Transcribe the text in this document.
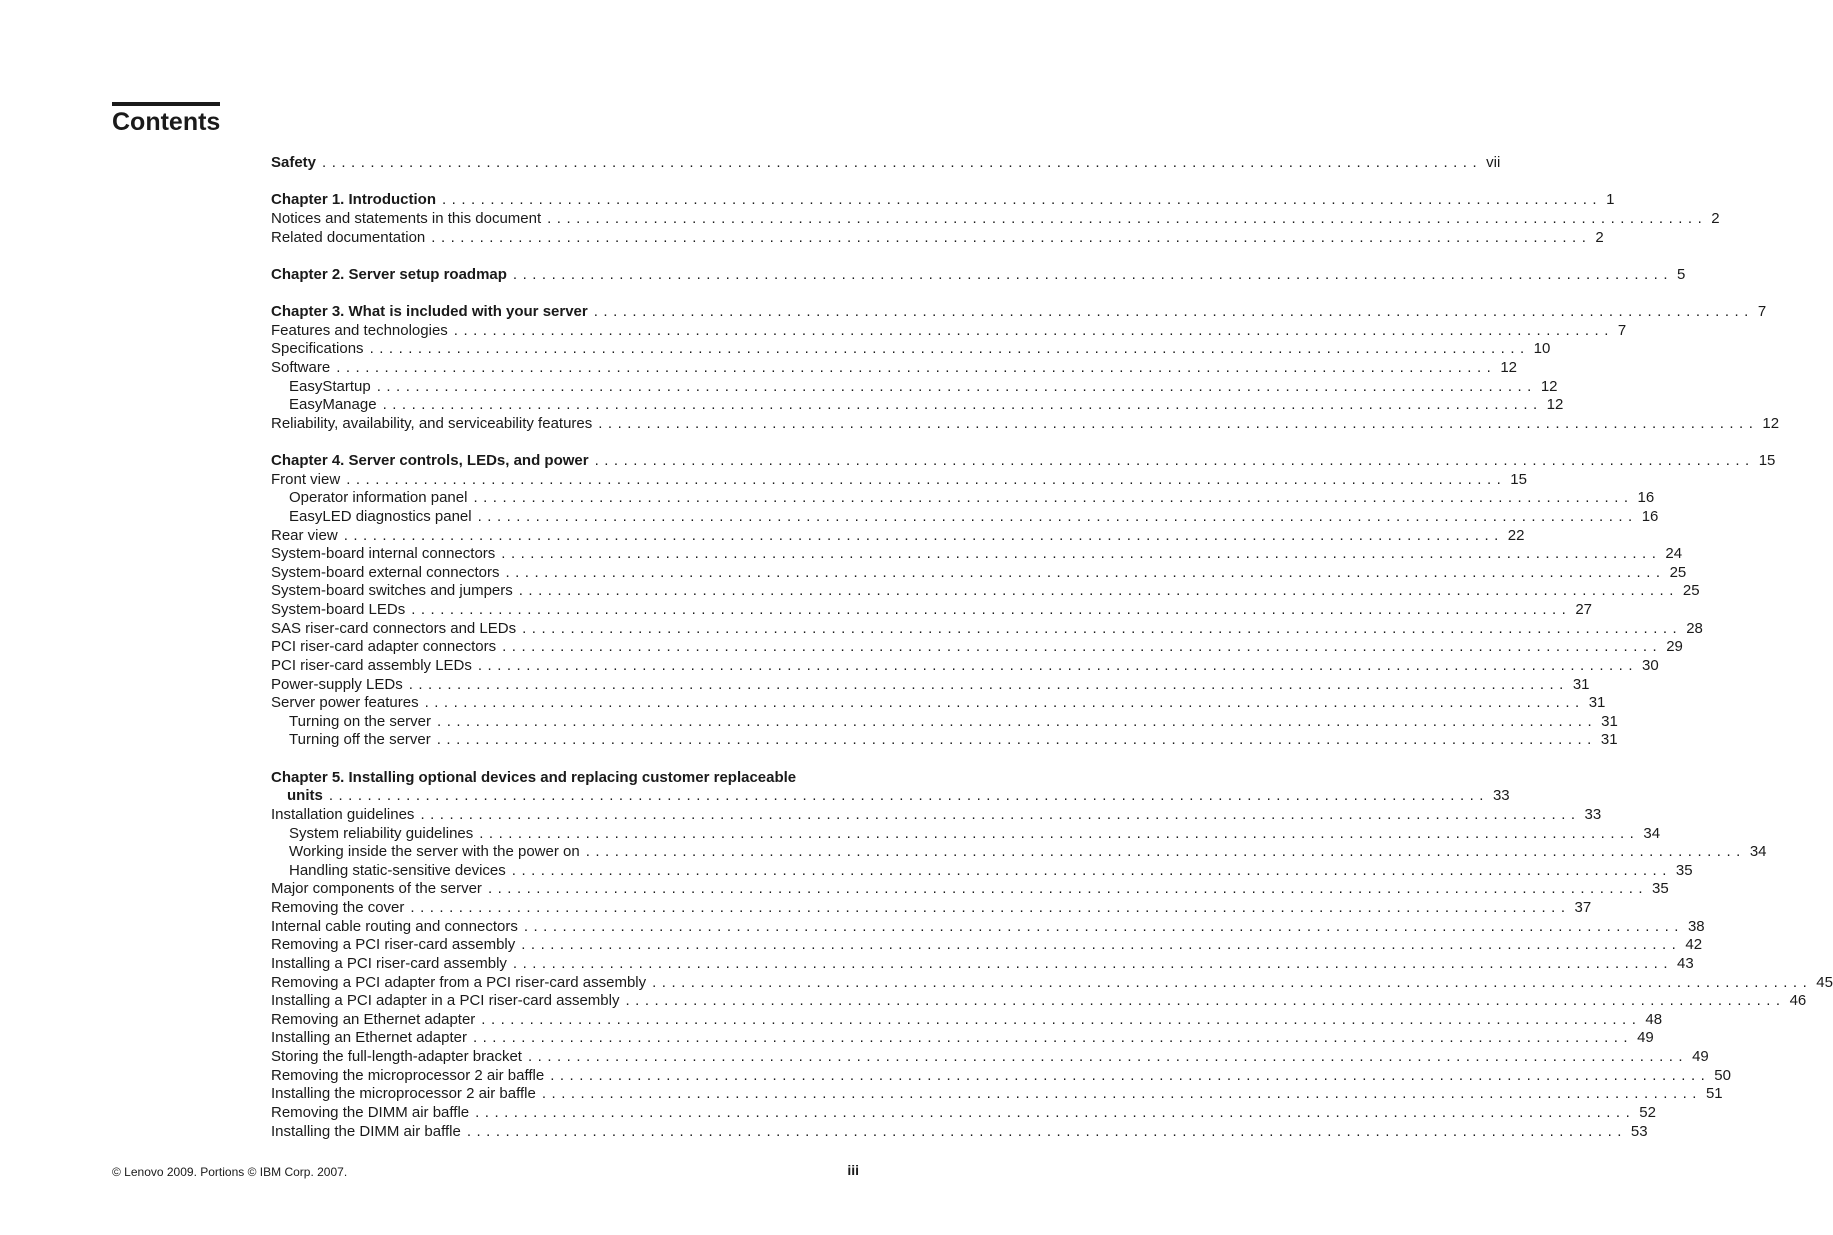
Contents
Safety ........................................................................................................................ vii
Chapter 1. Introduction ........................................................................................................................ 1
Notices and statements in this document ........................................................................................................................ 2
Related documentation ........................................................................................................................ 2
Chapter 2. Server setup roadmap ........................................................................................................................ 5
Chapter 3. What is included with your server ........................................................................................................................ 7
Features and technologies ........................................................................................................................ 7
Specifications ........................................................................................................................ 10
Software ........................................................................................................................ 12
EasyStartup ........................................................................................................................ 12
EasyManage ........................................................................................................................ 12
Reliability, availability, and serviceability features ........................................................................................................................ 12
Chapter 4. Server controls, LEDs, and power ........................................................................................................................ 15
Front view ........................................................................................................................ 15
Operator information panel ........................................................................................................................ 16
EasyLED diagnostics panel ........................................................................................................................ 16
Rear view ........................................................................................................................ 22
System-board internal connectors ........................................................................................................................ 24
System-board external connectors ........................................................................................................................ 25
System-board switches and jumpers ........................................................................................................................ 25
System-board LEDs ........................................................................................................................ 27
SAS riser-card connectors and LEDs ........................................................................................................................ 28
PCI riser-card adapter connectors ........................................................................................................................ 29
PCI riser-card assembly LEDs ........................................................................................................................ 30
Power-supply LEDs ........................................................................................................................ 31
Server power features ........................................................................................................................ 31
Turning on the server ........................................................................................................................ 31
Turning off the server ........................................................................................................................ 31
Chapter 5. Installing optional devices and replacing customer replaceable
units ........................................................................................................................ 33
Installation guidelines ........................................................................................................................ 33
System reliability guidelines ........................................................................................................................ 34
Working inside the server with the power on ........................................................................................................................ 34
Handling static-sensitive devices ........................................................................................................................ 35
Major components of the server ........................................................................................................................ 35
Removing the cover ........................................................................................................................ 37
Internal cable routing and connectors ........................................................................................................................ 38
Removing a PCI riser-card assembly ........................................................................................................................ 42
Installing a PCI riser-card assembly ........................................................................................................................ 43
Removing a PCI adapter from a PCI riser-card assembly ........................................................................................................................ 45
Installing a PCI adapter in a PCI riser-card assembly ........................................................................................................................ 46
Removing an Ethernet adapter ........................................................................................................................ 48
Installing an Ethernet adapter ........................................................................................................................ 49
Storing the full-length-adapter bracket ........................................................................................................................ 49
Removing the microprocessor 2 air baffle ........................................................................................................................ 50
Installing the microprocessor 2 air baffle ........................................................................................................................ 51
Removing the DIMM air baffle ........................................................................................................................ 52
Installing the DIMM air baffle ........................................................................................................................ 53
© Lenovo 2009. Portions © IBM Corp. 2007.	iii
